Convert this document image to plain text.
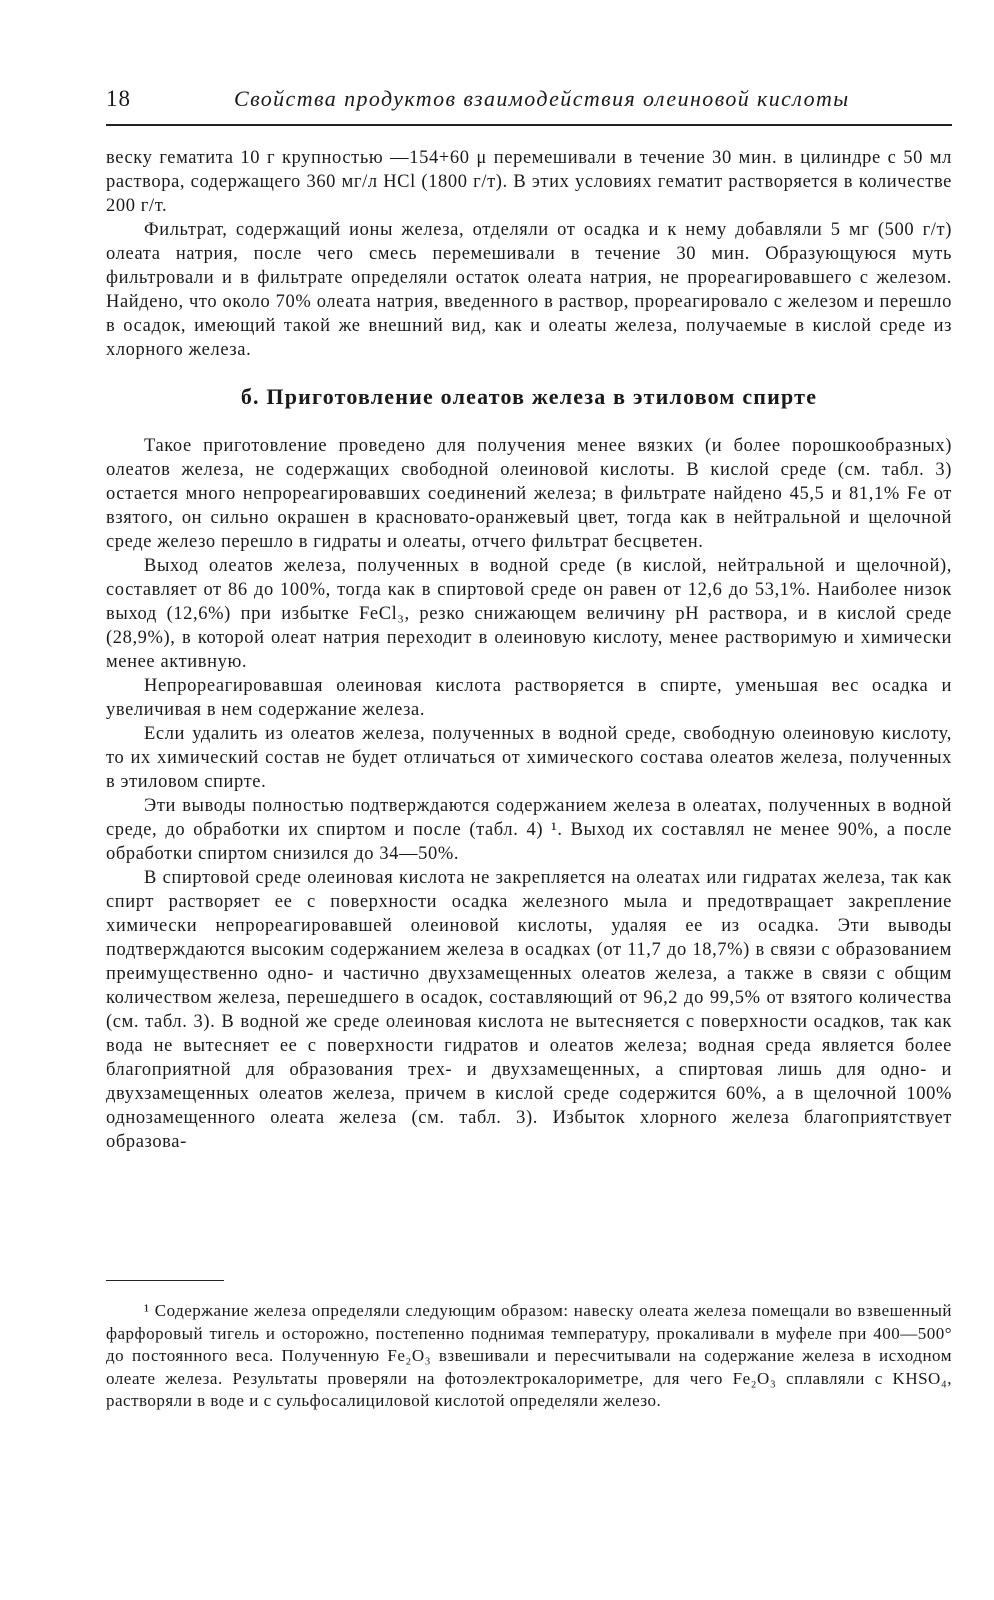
18	Свойства продуктов взаимодействия олеиновой кислоты

веску гематита 10 г крупностью —154+60 μ перемешивали в течение 30 мин. в цилиндре с 50 мл раствора, содержащего 360 мг/л HCl (1800 г/т). В этих условиях гематит растворяется в количестве 200 г/т.

Фильтрат, содержащий ионы железа, отделяли от осадка и к нему добавляли 5 мг (500 г/т) олеата натрия, после чего смесь перемешивали в течение 30 мин. Образующуюся муть фильтровали и в фильтрате определяли остаток олеата натрия, не прореагировавшего с железом. Найдено, что около 70% олеата натрия, введенного в раствор, прореагировало с железом и перешло в осадок, имеющий такой же внешний вид, как и олеаты железа, получаемые в кислой среде из хлорного железа.

б. Приготовление олеатов железа в этиловом спирте

Такое приготовление проведено для получения менее вязких (и более порошкообразных) олеатов железа, не содержащих свободной олеиновой кислоты. В кислой среде (см. табл. 3) остается много непрореагировавших соединений железа; в фильтрате найдено 45,5 и 81,1% Fe от взятого, он сильно окрашен в красновато-оранжевый цвет, тогда как в нейтральной и щелочной среде железо перешло в гидраты и олеаты, отчего фильтрат бесцветен.

Выход олеатов железа, полученных в водной среде (в кислой, нейтральной и щелочной), составляет от 86 до 100%, тогда как в спиртовой среде он равен от 12,6 до 53,1%. Наиболее низок выход (12,6%) при избытке FeCl₃, резко снижающем величину pH раствора, и в кислой среде (28,9%), в которой олеат натрия переходит в олеиновую кислоту, менее растворимую и химически менее активную.

Непрореагировавшая олеиновая кислота растворяется в спирте, уменьшая вес осадка и увеличивая в нем содержание железа.

Если удалить из олеатов железа, полученных в водной среде, свободную олеиновую кислоту, то их химический состав не будет отличаться от химического состава олеатов железа, полученных в этиловом спирте.

Эти выводы полностью подтверждаются содержанием железа в олеатах, полученных в водной среде, до обработки их спиртом и после (табл. 4) ¹. Выход их составлял не менее 90%, а после обработки спиртом снизился до 34—50%.

В спиртовой среде олеиновая кислота не закрепляется на олеатах или гидратах железа, так как спирт растворяет ее с поверхности осадка железного мыла и предотвращает закрепление химически непрореагировавшей олеиновой кислоты, удаляя ее из осадка. Эти выводы подтверждаются высоким содержанием железа в осадках (от 11,7 до 18,7%) в связи с образованием преимущественно одно- и частично двухзамещенных олеатов железа, а также в связи с общим количеством железа, перешедшего в осадок, составляющий от 96,2 до 99,5% от взятого количества (см. табл. 3). В водной же среде олеиновая кислота не вытесняется с поверхности осадков, так как вода не вытесняет ее с поверхности гидратов и олеатов железа; водная среда является более благоприятной для образования трех- и двухзамещенных, а спиртовая лишь для одно- и двухзамещенных олеатов железа, причем в кислой среде содержится 60%, а в щелочной 100% однозамещенного олеата железа (см. табл. 3). Избыток хлорного железа благоприятствует образова-

¹ Содержание железа определяли следующим образом: навеску олеата железа помещали во взвешенный фарфоровый тигель и осторожно, постепенно поднимая температуру, прокаливали в муфеле при 400—500° до постоянного веса. Полученную Fe₂O₃ взвешивали и пересчитывали на содержание железа в исходном олеате железа. Результаты проверяли на фотоэлектрокалориметре, для чего Fe₂O₃ сплавляли с KHSO₄, растворяли в воде и с сульфосалициловой кислотой определяли железо.
